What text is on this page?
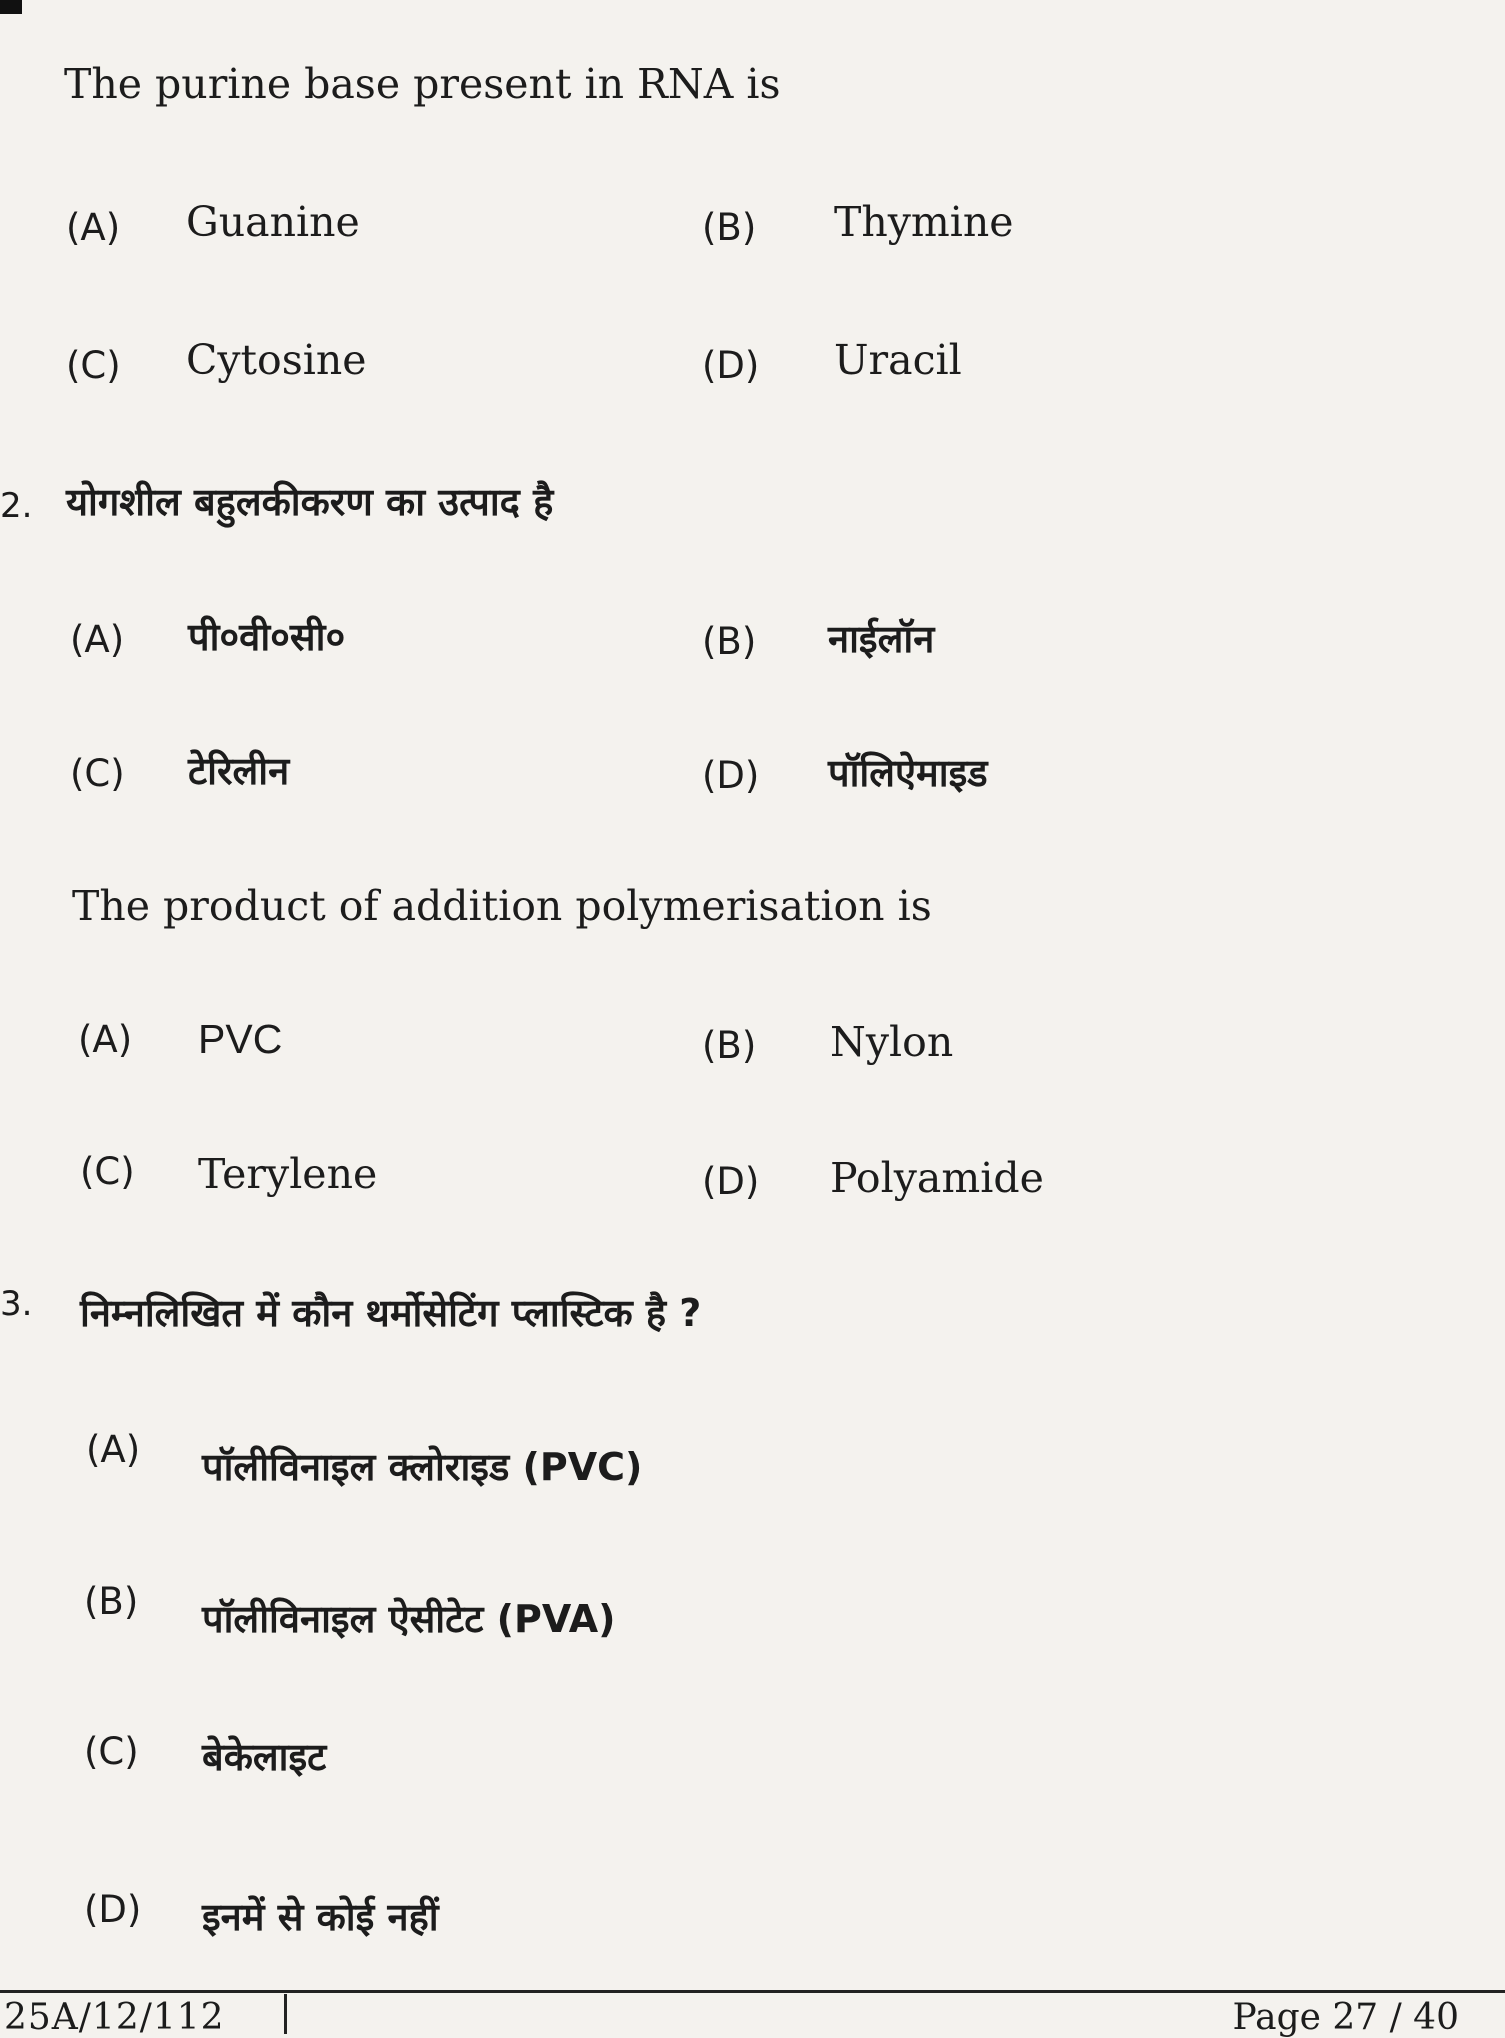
The purine base present in RNA is
(A) Guanine	(B) Thymine
(C) Cytosine	(D) Uracil
2. योगशील बहुलकीकरण का उत्पाद है
(A) पी०वी०सी०	(B) नाईलॉन
(C) टेरिलीन	(D) पॉलिऐमाइड
The product of addition polymerisation is
(A) PVC	(B) Nylon
(C) Terylene	(D) Polyamide
3. निम्नलिखित में कौन थर्मोसेटिंग प्लास्टिक है ?
(A) पॉलीविनाइल क्लोराइड (PVC)
(B) पॉलीविनाइल ऐसीटेट (PVA)
(C) बेकेलाइट
(D) इनमें से कोई नहीं
25A/12/112	Page 27 / 40
